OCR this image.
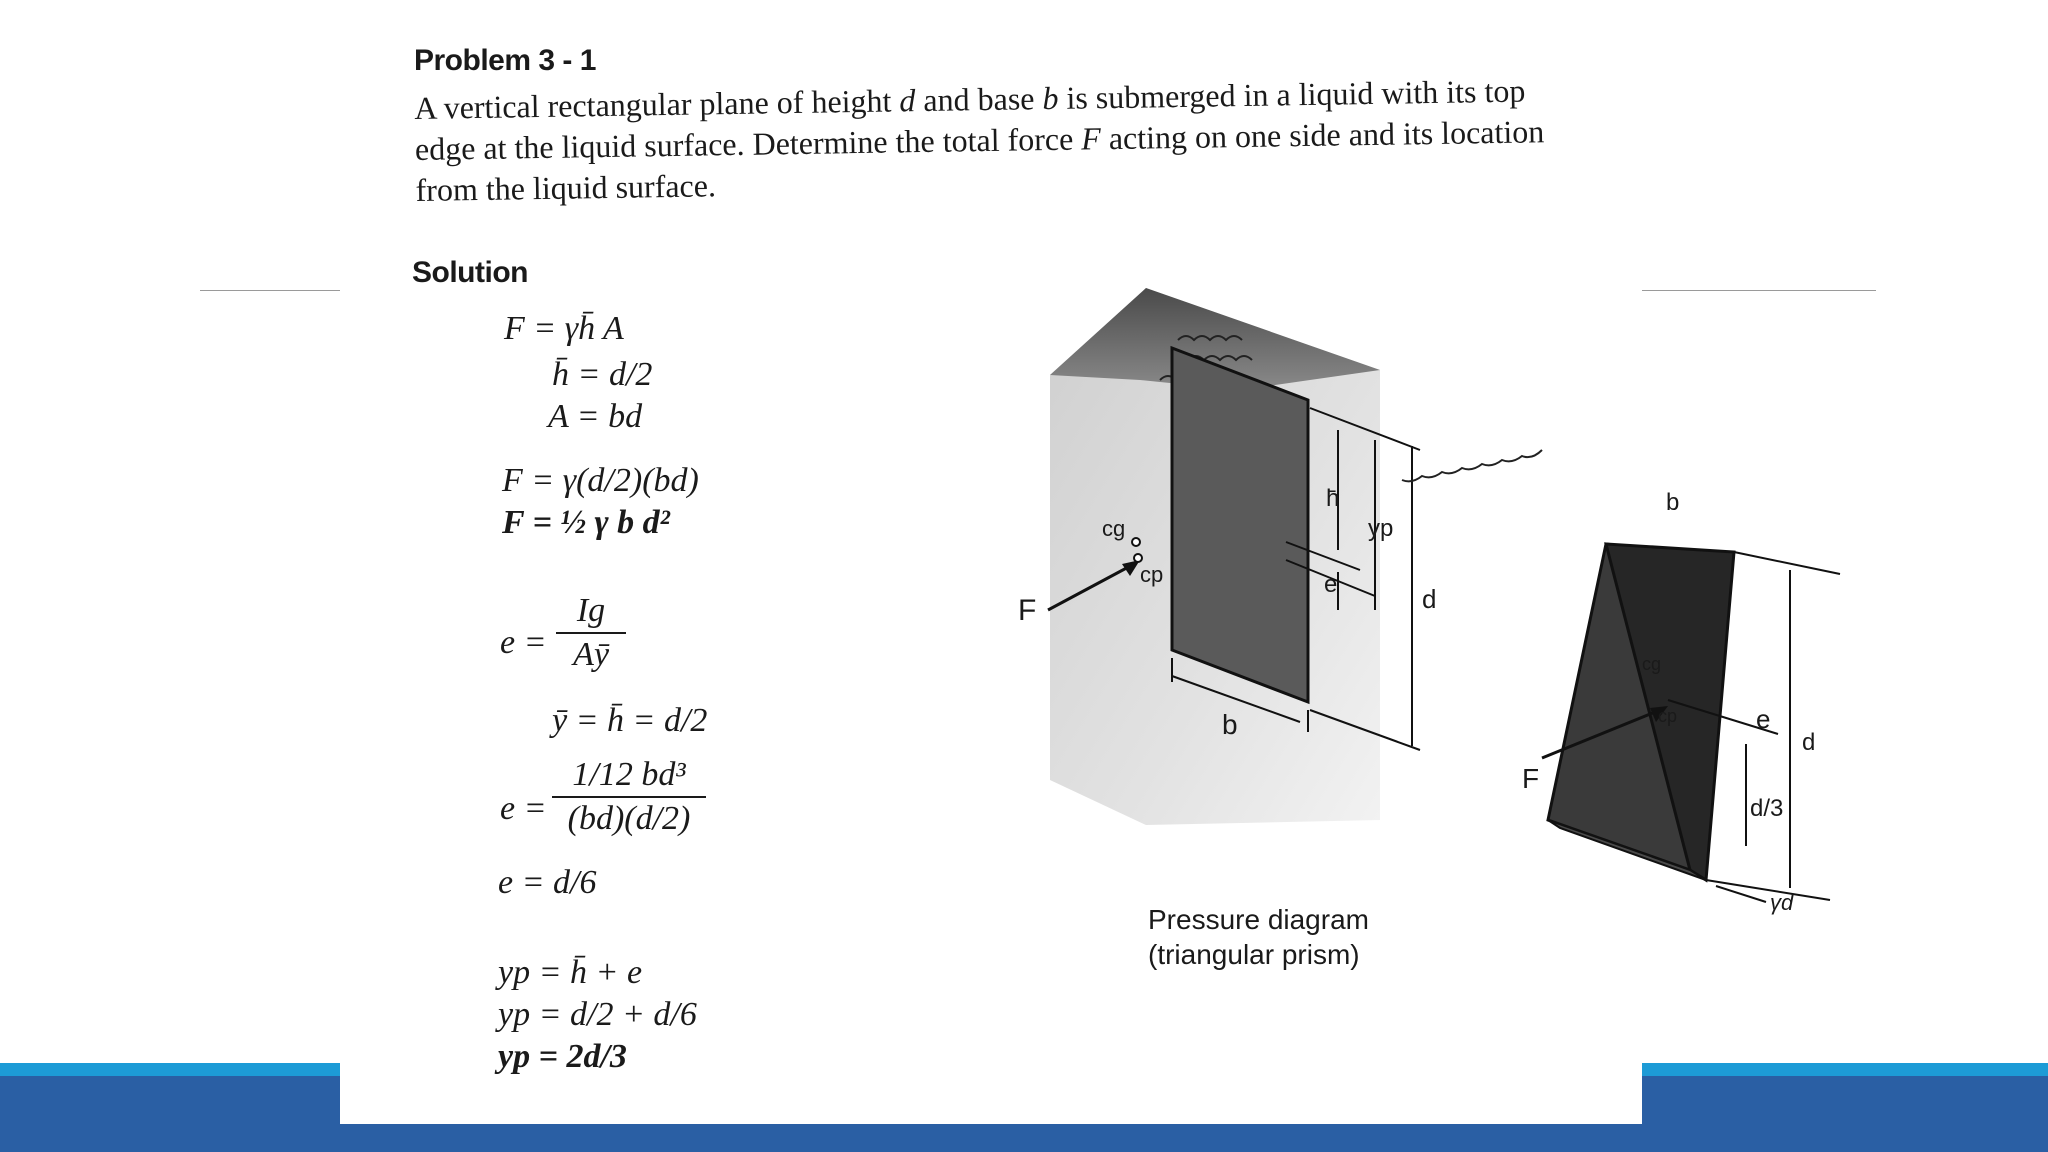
Problem 3 - 1
A vertical rectangular plane of height d and base b is submerged in a liquid with its top edge at the liquid surface. Determine the total force F acting on one side and its location from the liquid surface.
Solution
F = γh̄ A
h̄ = d/2
A = bd
F = γ(d/2)(bd)
F = ½ γ b d²
e =
Ig
Aȳ
ȳ = h̄ = d/2
e =
1/12 bd³
(bd)(d/2)
e = d/6
yp = h̄ + e
yp = d/2 + d/6
yp = 2d/3
cg
cp
F
h̄
e
yp
d
b
b
cg
cp
F
e
d
d/3
γd
Pressure diagram
(triangular prism)
